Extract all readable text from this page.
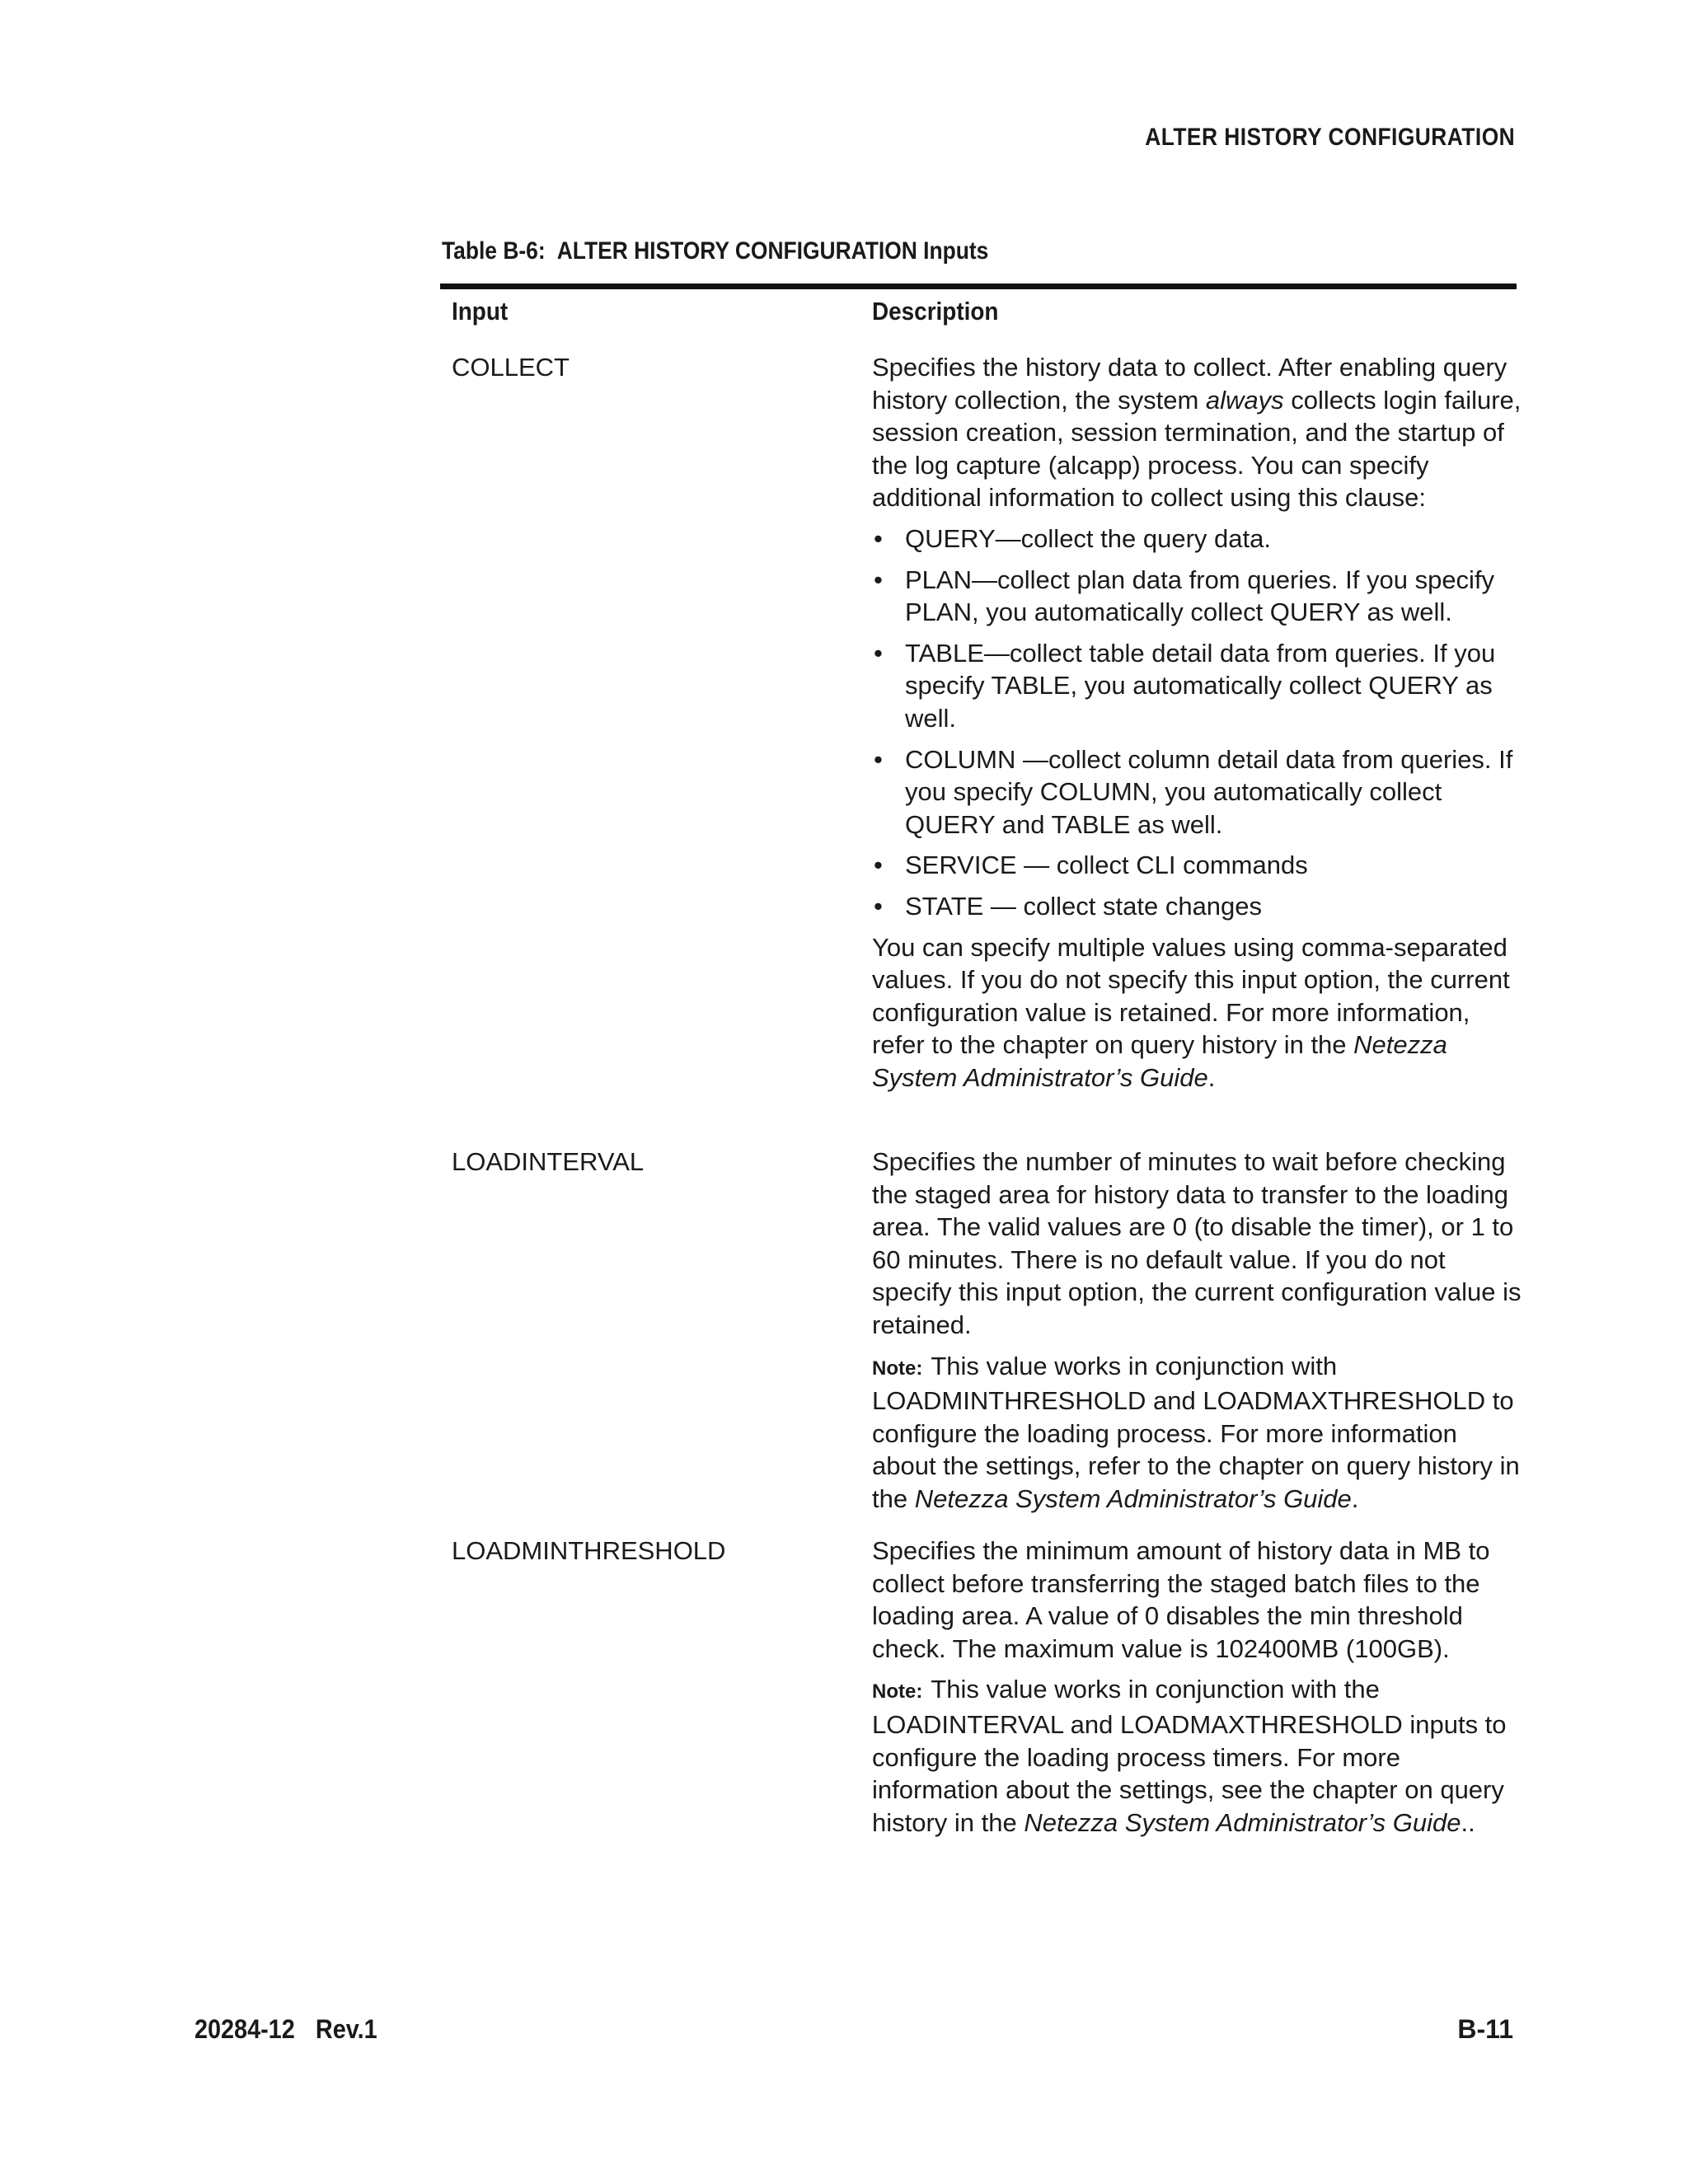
ALTER HISTORY CONFIGURATION
Table B-6: ALTER HISTORY CONFIGURATION Inputs
Input	Description
COLLECT	Specifies the history data to collect. After enabling query history collection, the system always collects login failure, session creation, session termination, and the startup of the log capture (alcapp) process. You can specify additional information to collect using this clause:

• QUERY—collect the query data.
• PLAN—collect plan data from queries. If you specify PLAN, you automatically collect QUERY as well.
• TABLE—collect table detail data from queries. If you specify TABLE, you automatically collect QUERY as well.
• COLUMN —collect column detail data from queries. If you specify COLUMN, you automatically collect QUERY and TABLE as well.
• SERVICE — collect CLI commands
• STATE — collect state changes

You can specify multiple values using comma-separated values. If you do not specify this input option, the current configuration value is retained. For more information, refer to the chapter on query history in the Netezza System Administrator’s Guide.

LOADINTERVAL	Specifies the number of minutes to wait before checking the staged area for history data to transfer to the loading area. The valid values are 0 (to disable the timer), or 1 to 60 minutes. There is no default value. If you do not specify this input option, the current configuration value is retained.

Note: This value works in conjunction with LOADMINTHRESHOLD and LOADMAXTHRESHOLD to configure the loading process. For more information about the settings, refer to the chapter on query history in the Netezza System Administrator’s Guide.

LOADMINTHRESHOLD	Specifies the minimum amount of history data in MB to collect before transferring the staged batch files to the loading area. A value of 0 disables the min threshold check. The maximum value is 102400MB (100GB).

Note: This value works in conjunction with the LOADINTERVAL and LOADMAXTHRESHOLD inputs to configure the loading process timers. For more information about the settings, see the chapter on query history in the Netezza System Administrator’s Guide..

20284-12 Rev.1	B-11
